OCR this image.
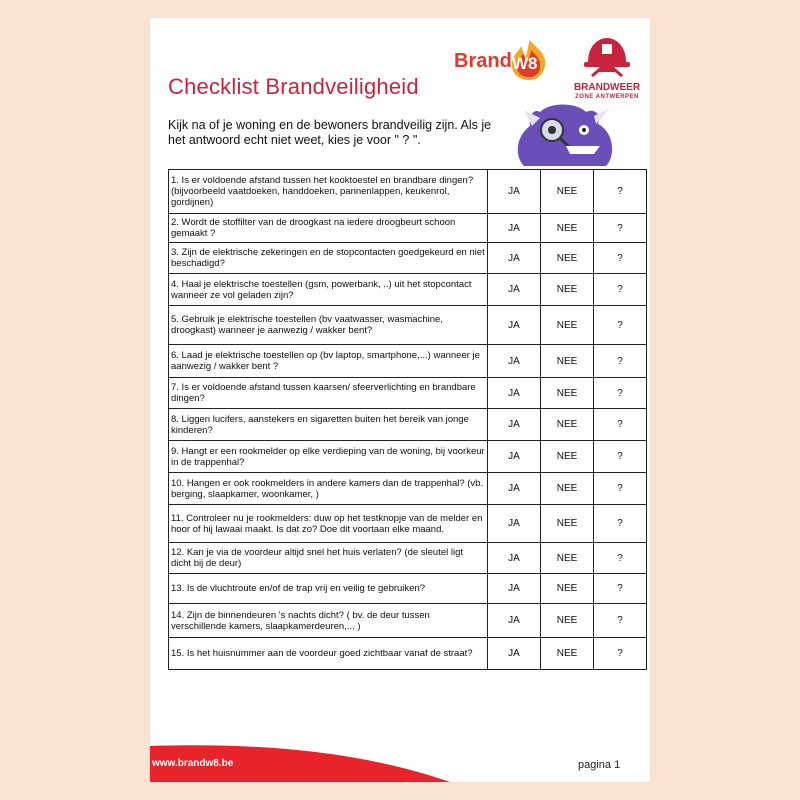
Brand W8
BRANDWEER
ZONE ANTWERPEN
Checklist Brandveiligheid
Kijk na of je woning en de bewoners brandveilig zijn. Als je het antwoord echt niet weet, kies je voor " ? ".
1. Is er voldoende afstand tussen het kooktoestel en brandbare dingen? (bijvoorbeeld vaatdoeken, handdoeken, pannenlappen, keukenrol, gordijnen)	JA	NEE	?
2. Wordt de stoffilter van de droogkast na iedere droogbeurt schoon gemaakt ?	JA	NEE	?
3. Zijn de elektrische zekeringen en de stopcontacten goedgekeurd en niet beschadigd?	JA	NEE	?
4. Haal je elektrische toestellen (gsm, powerbank, ..) uit het stopcontact wanneer ze vol geladen zijn?	JA	NEE	?
5. Gebruik je elektrische toestellen (bv vaatwasser, wasmachine, droogkast) wanneer je aanwezig / wakker bent?	JA	NEE	?
6. Laad je elektrische toestellen op (bv laptop, smartphone,...) wanneer je aanwezig / wakker bent ?	JA	NEE	?
7. Is er voldoende afstand tussen kaarsen/ sfeerverlichting en brandbare dingen?	JA	NEE	?
8. Liggen lucifers, aanstekers en sigaretten buiten het bereik van jonge kinderen?	JA	NEE	?
9. Hangt er een rookmelder op elke verdieping van de woning, bij voorkeur in de trappenhal?	JA	NEE	?
10. Hangen er ook rookmelders in andere kamers dan de trappenhal? (vb. berging, slaapkamer, woonkamer, )	JA	NEE	?
11. Controleer nu je rookmelders: duw op het testknopje van de melder en hoor of hij lawaai maakt. Is dat zo? Doe dit voortaan elke maand.	JA	NEE	?
12. Kan je via de voordeur altijd snel het huis verlaten? (de sleutel ligt dicht bij de deur)	JA	NEE	?
13. Is de vluchtroute en/of de trap vrij en veilig te gebruiken?	JA	NEE	?
14. Zijn de binnendeuren 's nachts dicht? ( bv. de deur tussen verschillende kamers, slaapkamerdeuren,... )	JA	NEE	?
15. Is het huisnummer aan de voordeur goed zichtbaar vanaf de straat?	JA	NEE	?
www.brandw8.be	pagina 1
